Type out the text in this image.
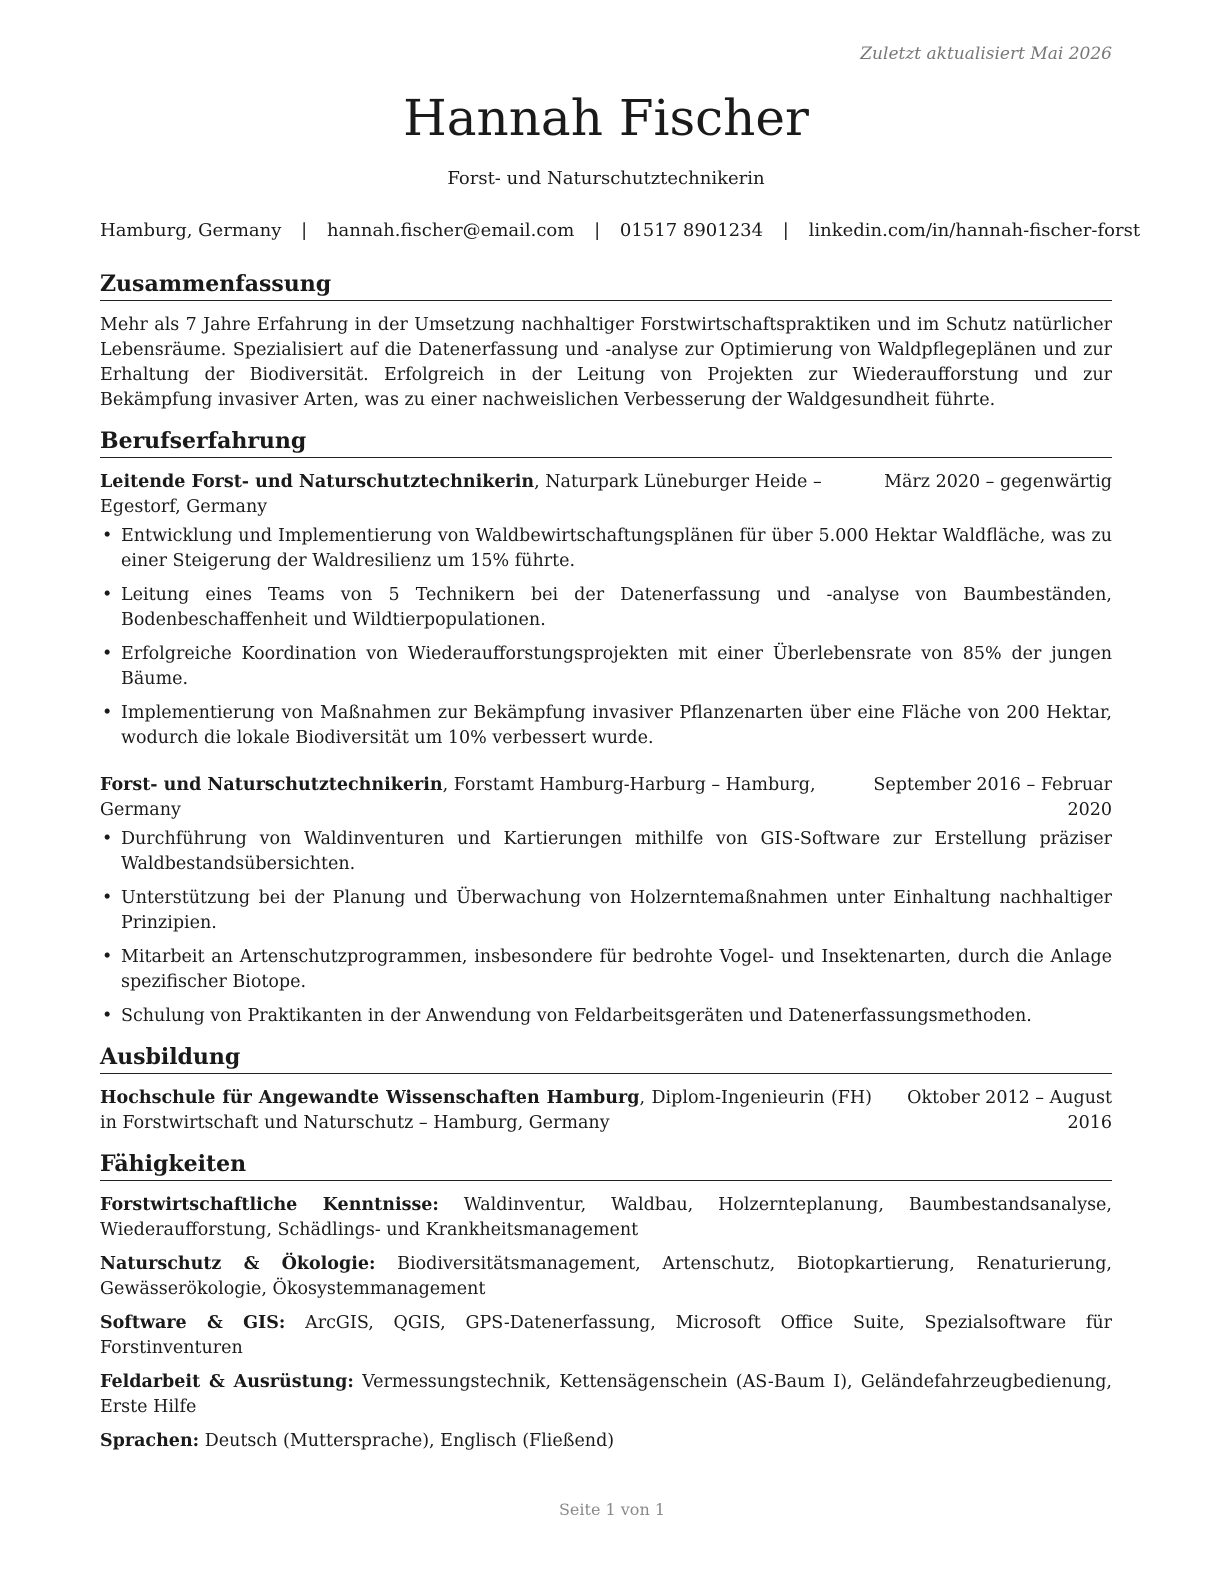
Zuletzt aktualisiert Mai 2026
Hannah Fischer
Forst- und Naturschutztechnikerin
Hamburg, Germany | hannah.fischer@email.com | 01517 8901234 | linkedin.com/in/hannah-fischer-forst
Zusammenfassung

Mehr als 7 Jahre Erfahrung in der Umsetzung nachhaltiger Forstwirtschaftspraktiken und im Schutz natürlicher Lebensräume. Spezialisiert auf die Datenerfassung und -analyse zur Optimierung von Waldpflegeplänen und zur Erhaltung der Biodiversität. Erfolgreich in der Leitung von Projekten zur Wiederaufforstung und zur Bekämpfung invasiver Arten, was zu einer nachweislichen Verbesserung der Waldgesundheit führte.

Berufserfahrung
Leitende Forst- und Naturschutztechnikerin, Naturpark Lüneburger Heide – Egestorf, Germany
März 2020 – gegenwärtig
• Entwicklung und Implementierung von Waldbewirtschaftungsplänen für über 5.000 Hektar Waldfläche, was zu einer Steigerung der Waldresilienz um 15% führte.
• Leitung eines Teams von 5 Technikern bei der Datenerfassung und -analyse von Baumbeständen, Bodenbeschaffenheit und Wildtierpopulationen.
• Erfolgreiche Koordination von Wiederaufforstungsprojekten mit einer Überlebensrate von 85% der jungen Bäume.
• Implementierung von Maßnahmen zur Bekämpfung invasiver Pflanzenarten über eine Fläche von 200 Hektar, wodurch die lokale Biodiversität um 10% verbessert wurde.
Forst- und Naturschutztechnikerin, Forstamt Hamburg-Harburg – Hamburg, Germany
September 2016 – Februar 2020
• Durchführung von Waldinventuren und Kartierungen mithilfe von GIS-Software zur Erstellung präziser Waldbestandsübersichten.
• Unterstützung bei der Planung und Überwachung von Holzerntemaßnahmen unter Einhaltung nachhaltiger Prinzipien.
• Mitarbeit an Artenschutzprogrammen, insbesondere für bedrohte Vogel- und Insektenarten, durch die Anlage spezifischer Biotope.
• Schulung von Praktikanten in der Anwendung von Feldarbeitsgeräten und Datenerfassungsmethoden.
Ausbildung
Hochschule für Angewandte Wissenschaften Hamburg, Diplom-Ingenieurin (FH) in Forstwirtschaft und Naturschutz – Hamburg, Germany
Oktober 2012 – August 2016
Fähigkeiten
Forstwirtschaftliche Kenntnisse: Waldinventur, Waldbau, Holzernteplanung, Baumbestandsanalyse, Wiederaufforstung, Schädlings- und Krankheitsmanagement
Naturschutz & Ökologie: Biodiversitätsmanagement, Artenschutz, Biotopkartierung, Renaturierung, Gewässerökologie, Ökosystemmanagement
Software & GIS: ArcGIS, QGIS, GPS-Datenerfassung, Microsoft Office Suite, Spezialsoftware für Forstinventuren
Feldarbeit & Ausrüstung: Vermessungstechnik, Kettensägenschein (AS-Baum I), Geländefahrzeugbedienung, Erste Hilfe
Sprachen: Deutsch (Muttersprache), Englisch (Fließend)
Seite 1 von 1
